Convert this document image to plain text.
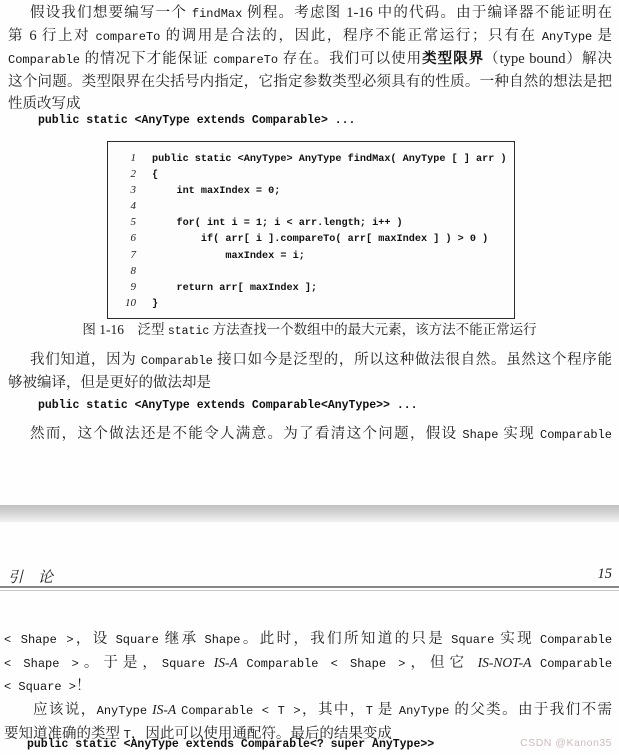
假设我们想要编写一个 findMax 例程。考虑图 1-16 中的代码。由于编译器不能证明在
第 6 行上对 compareTo 的调用是合法的，因此，程序不能正常运行；只有在 AnyType 是
Comparable 的情况下才能保证 compareTo 存在。我们可以使用类型限界（type bound）解决
这个问题。类型限界在尖括号内指定，它指定参数类型必须具有的性质。一种自然的想法是把
性质改写成
public static <AnyType extends Comparable> ...
1 public static <AnyType> AnyType findMax( AnyType [ ] arr )
2 {
3    int maxIndex = 0;
4
5    for( int i = 1; i < arr.length; i++ )
6        if( arr[ i ].compareTo( arr[ maxIndex ] ) > 0 )
7            maxIndex = i;
8
9    return arr[ maxIndex ];
10 }
图 1-16　泛型 static 方法查找一个数组中的最大元素，该方法不能正常运行
我们知道，因为 Comparable 接口如今是泛型的，所以这种做法很自然。虽然这个程序能
够被编译，但是更好的做法却是
public static <AnyType extends Comparable<AnyType>> ...
然而，这个做法还是不能令人满意。为了看清这个问题，假设 Shape 实现 Comparable
引　论	15
< Shape >，设 Square 继承 Shape。此时，我们所知道的只是 Square 实现 Comparable
< Shape >。于是，Square IS-A Comparable < Shape >，但它 IS-NOT-A Comparable
< Square >！
应该说，AnyType IS-A Comparable < T >，其中，T 是 AnyType 的父类。由于我们不需
要知道准确的类型 T，因此可以使用通配符。最后的结果变成
public static <AnyType extends Comparable<? super AnyType>>	CSDN @Kanon35
